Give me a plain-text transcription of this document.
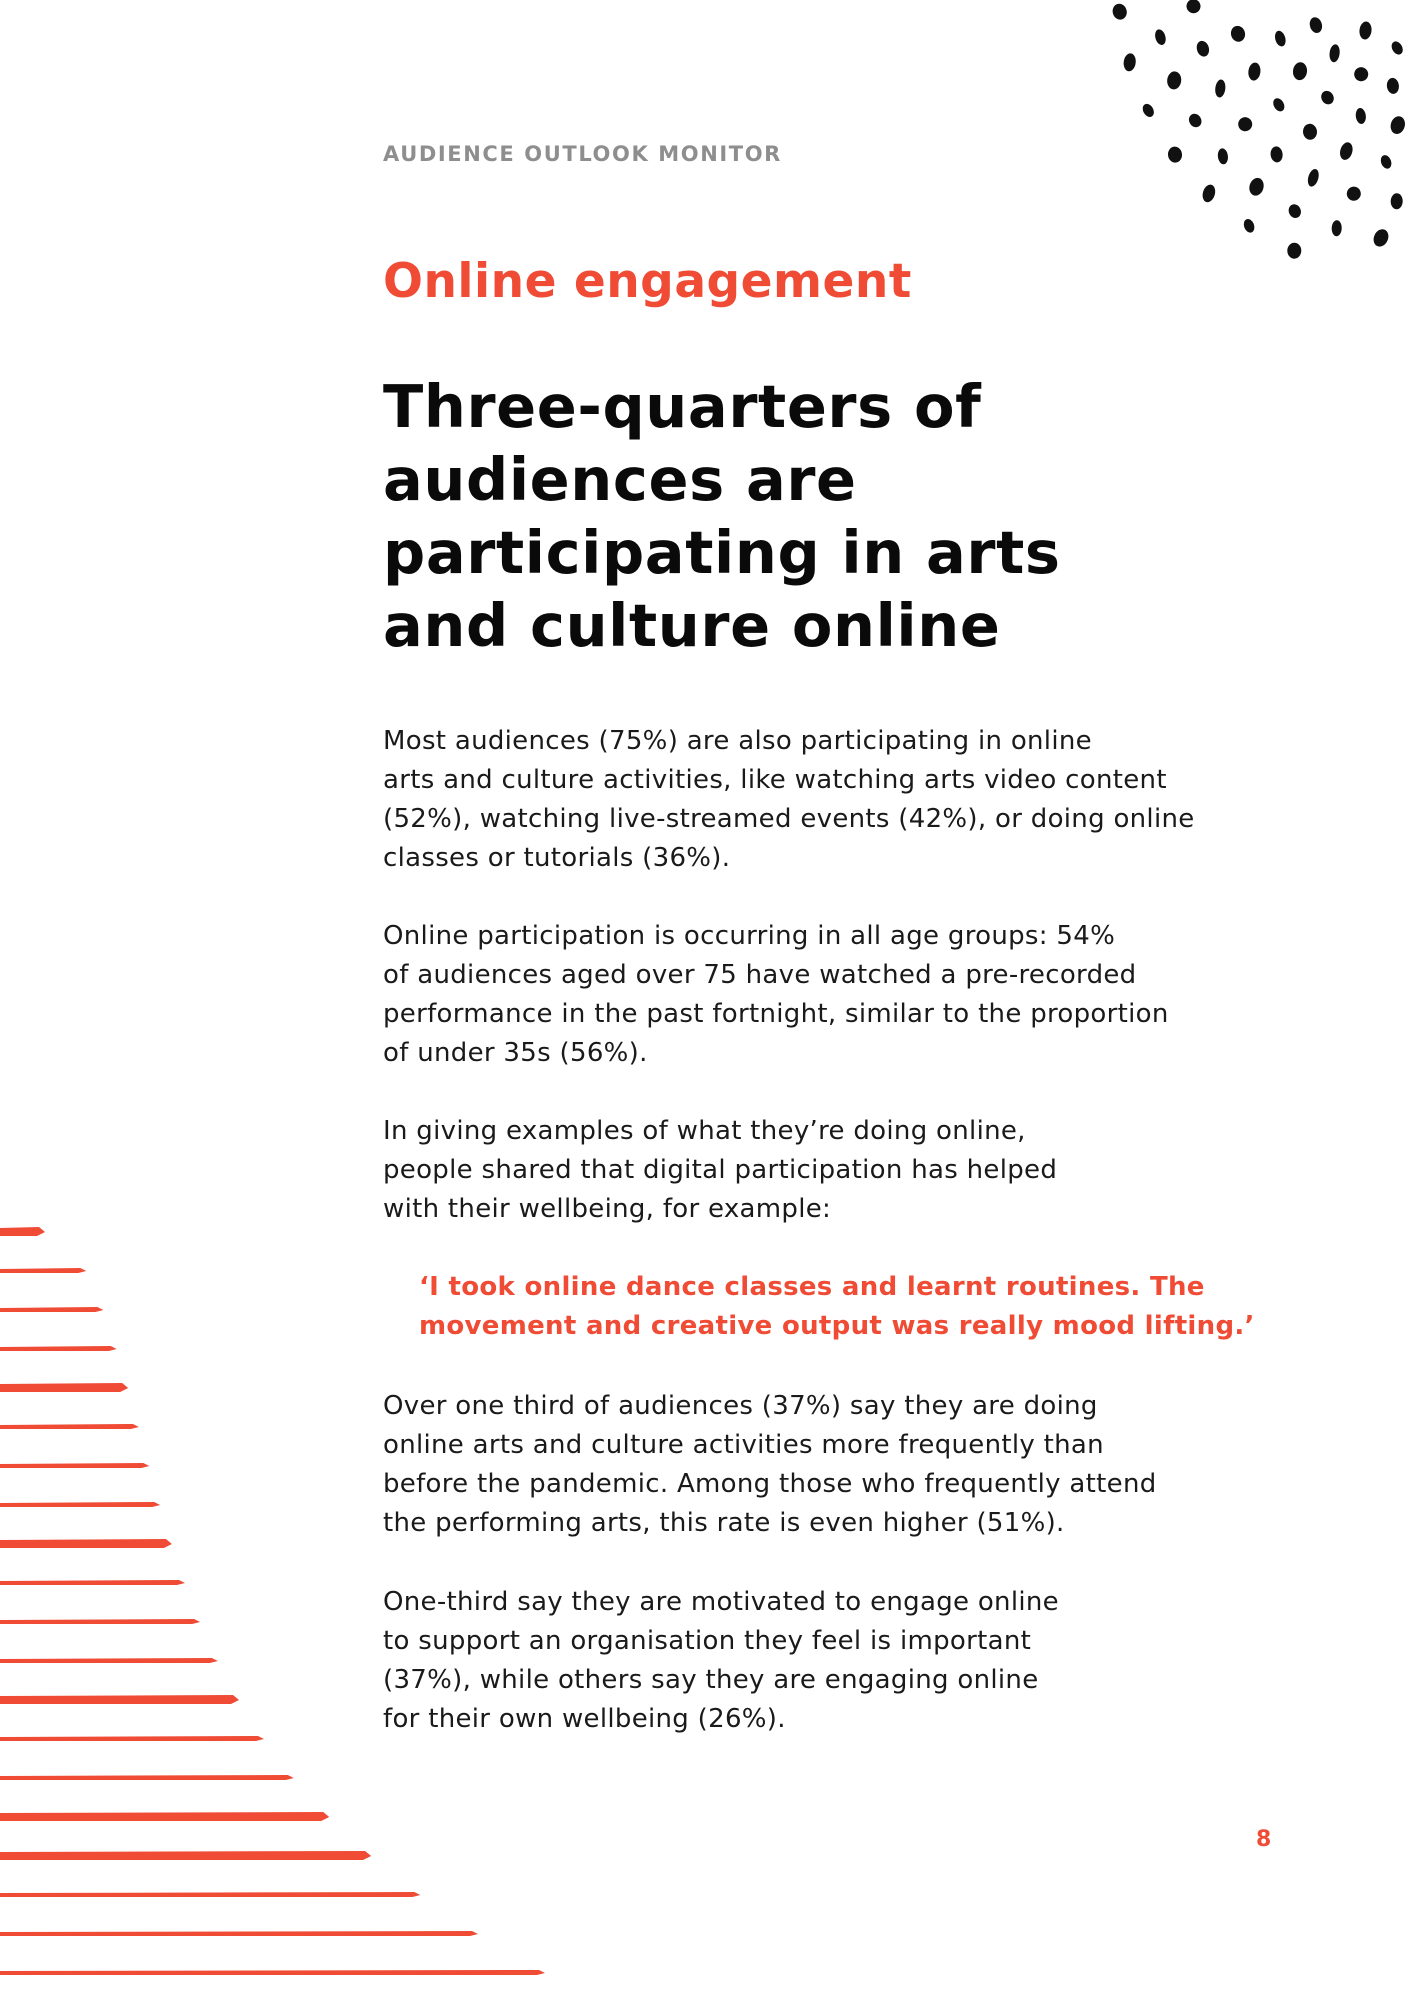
AUDIENCE OUTLOOK MONITOR
Online engagement
Three-quarters of
audiences are
participating in arts
and culture online

Most audiences (75%) are also participating in online
arts and culture activities, like watching arts video content
(52%), watching live-streamed events (42%), or doing online
classes or tutorials (36%).

Online participation is occurring in all age groups: 54%
of audiences aged over 75 have watched a pre-recorded
performance in the past fortnight, similar to the proportion
of under 35s (56%).

In giving examples of what they’re doing online,
people shared that digital participation has helped
with their wellbeing, for example:

‘I took online dance classes and learnt routines. The
movement and creative output was really mood lifting.’

Over one third of audiences (37%) say they are doing
online arts and culture activities more frequently than
before the pandemic. Among those who frequently attend
the performing arts, this rate is even higher (51%).

One-third say they are motivated to engage online
to support an organisation they feel is important
(37%), while others say they are engaging online
for their own wellbeing (26%).

8
